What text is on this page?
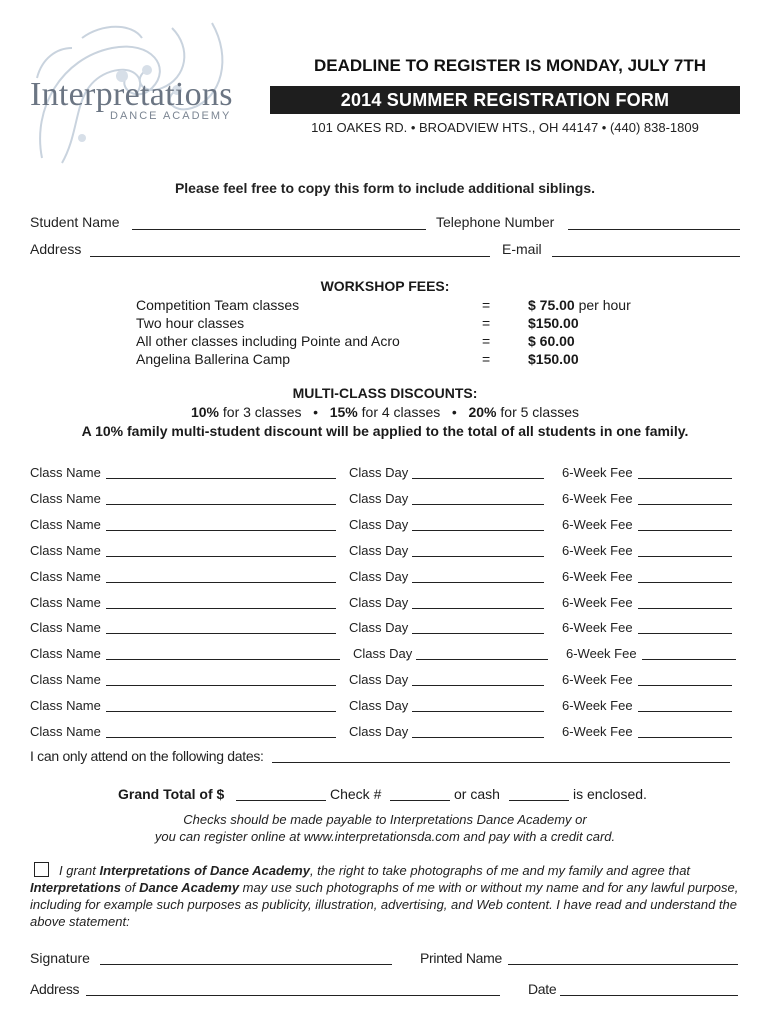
Interpretations
DANCE ACADEMY
DEADLINE TO REGISTER IS MONDAY, JULY 7TH
2014 SUMMER REGISTRATION FORM
101 OAKES RD. • BROADVIEW HTS., OH 44147 • (440) 838-1809
Please feel free to copy this form to include additional siblings.
Student Name	Telephone Number
Address	E-mail
WORKSHOP FEES:
Competition Team classes	=	$ 75.00 per hour
Two hour classes	=	$150.00
All other classes including Pointe and Acro	=	$ 60.00
Angelina Ballerina Camp	=	$150.00
MULTI-CLASS DISCOUNTS:
10% for 3 classes   •   15% for 4 classes   •   20% for 5 classes
A 10% family multi-student discount will be applied to the total of all students in one family.
Class Name	Class Day	6-Week Fee
Class Name	Class Day	6-Week Fee
Class Name	Class Day	6-Week Fee
Class Name	Class Day	6-Week Fee
Class Name	Class Day	6-Week Fee
Class Name	Class Day	6-Week Fee
Class Name	Class Day	6-Week Fee
Class Name	Class Day	6-Week Fee
Class Name	Class Day	6-Week Fee
Class Name	Class Day	6-Week Fee
Class Name	Class Day	6-Week Fee
I can only attend on the following dates:
Grand Total of $	Check #	or cash	is enclosed.
Checks should be made payable to Interpretations Dance Academy or
you can register online at www.interpretationsda.com and pay with a credit card.
I grant Interpretations of Dance Academy, the right to take photographs of me and my family and agree that Interpretations of Dance Academy may use such photographs of me with or without my name and for any lawful purpose, including for example such purposes as publicity, illustration, advertising, and Web content. I have read and understand the above statement:
Signature	Printed Name
Address	Date
